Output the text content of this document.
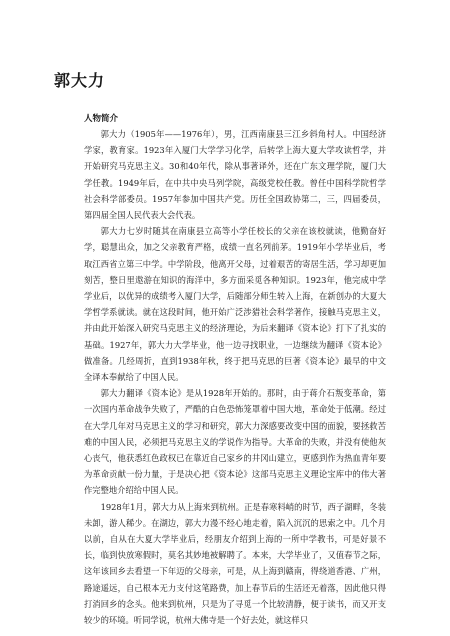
郭大力
人物简介

郭大力（1905年——1976年），男，江西南康县三江乡斜角村人。中国经济学家，教育家。1923年入厦门大学学习化学，后转学上海大夏大学攻读哲学，并开始研究马克思主义。30和40年代，除从事著译外，还在广东文理学院，厦门大学任教。1949年后，在中共中央马列学院，高级党校任教。曾任中国科学院哲学社会科学部委员。1957年参加中国共产党。历任全国政协第二，三，四届委员，第四届全国人民代表大会代表。

郭大力七岁时随其在南康县立高等小学任校长的父亲在该校就读，他勤奋好学，聪慧出众，加之父亲教育严格，成绩一直名列前茅。1919年小学毕业后，考取江西省立第三中学。中学阶段，他离开父母，过着艰苦的寄居生活，学习却更加刻苦，整日里遨游在知识的海洋中，多方面采觅各种知识。1923年，他完成中学学业后，以优异的成绩考入厦门大学，后随部分师生转入上海，在新创办的大夏大学哲学系就读。就在这段时间，他开始广泛涉猎社会科学著作，接触马克思主义，并由此开始深入研究马克思主义的经济理论，为后来翻译《资本论》打下了扎实的基础。1927年，郭大力大学毕业，他一边寻找职业，一边继续为翻译《资本论》做准备。几经周折，直到1938年秋，终于把马克思的巨著《资本论》最早的中文全译本奉献给了中国人民。

郭大力翻译《资本论》是从1928年开始的。那时，由于蒋介石叛变革命，第一次国内革命战争失败了，严酷的白色恐怖笼罩着中国大地，革命处于低潮。经过在大学几年对马克思主义的学习和研究，郭大力深感要改变中国的面貌，要拯救苦难的中国人民，必须把马克思主义的学说作为指导。大革命的失败，并没有使他灰心丧气，他获悉红色政权已在靠近自己家乡的井冈山建立，更感到作为热血青年要为革命贡献一份力量，于是决心把《资本论》这部马克思主义理论宝库中的伟大著作完整地介绍给中国人民。

1928年1月，郭大力从上海来到杭州。正是春寒料峭的时节，西子湖畔，冬装未卸，游人稀少。在湖边，郭大力漫不经心地走着，陷入沉沉的思索之中。几个月以前，自从在大夏大学毕业后，经朋友介绍到上海的一所中学教书，可是好景不长，临到快放寒假时，莫名其妙地被解聘了。本来，大学毕业了，又值春节之际，这年该回乡去看望一下年迈的父母亲，可是，从上海到赣南，得绕道香港、广州，路途遥远，自己根本无力支付这笔路费，加上春节后的生活还无着落，因此他只得打消回乡的念头。他来到杭州，只是为了寻觅一个比较清静，便于读书，而又开支较少的环境。听同学说，杭州大佛寺是一个好去处，就这样只
